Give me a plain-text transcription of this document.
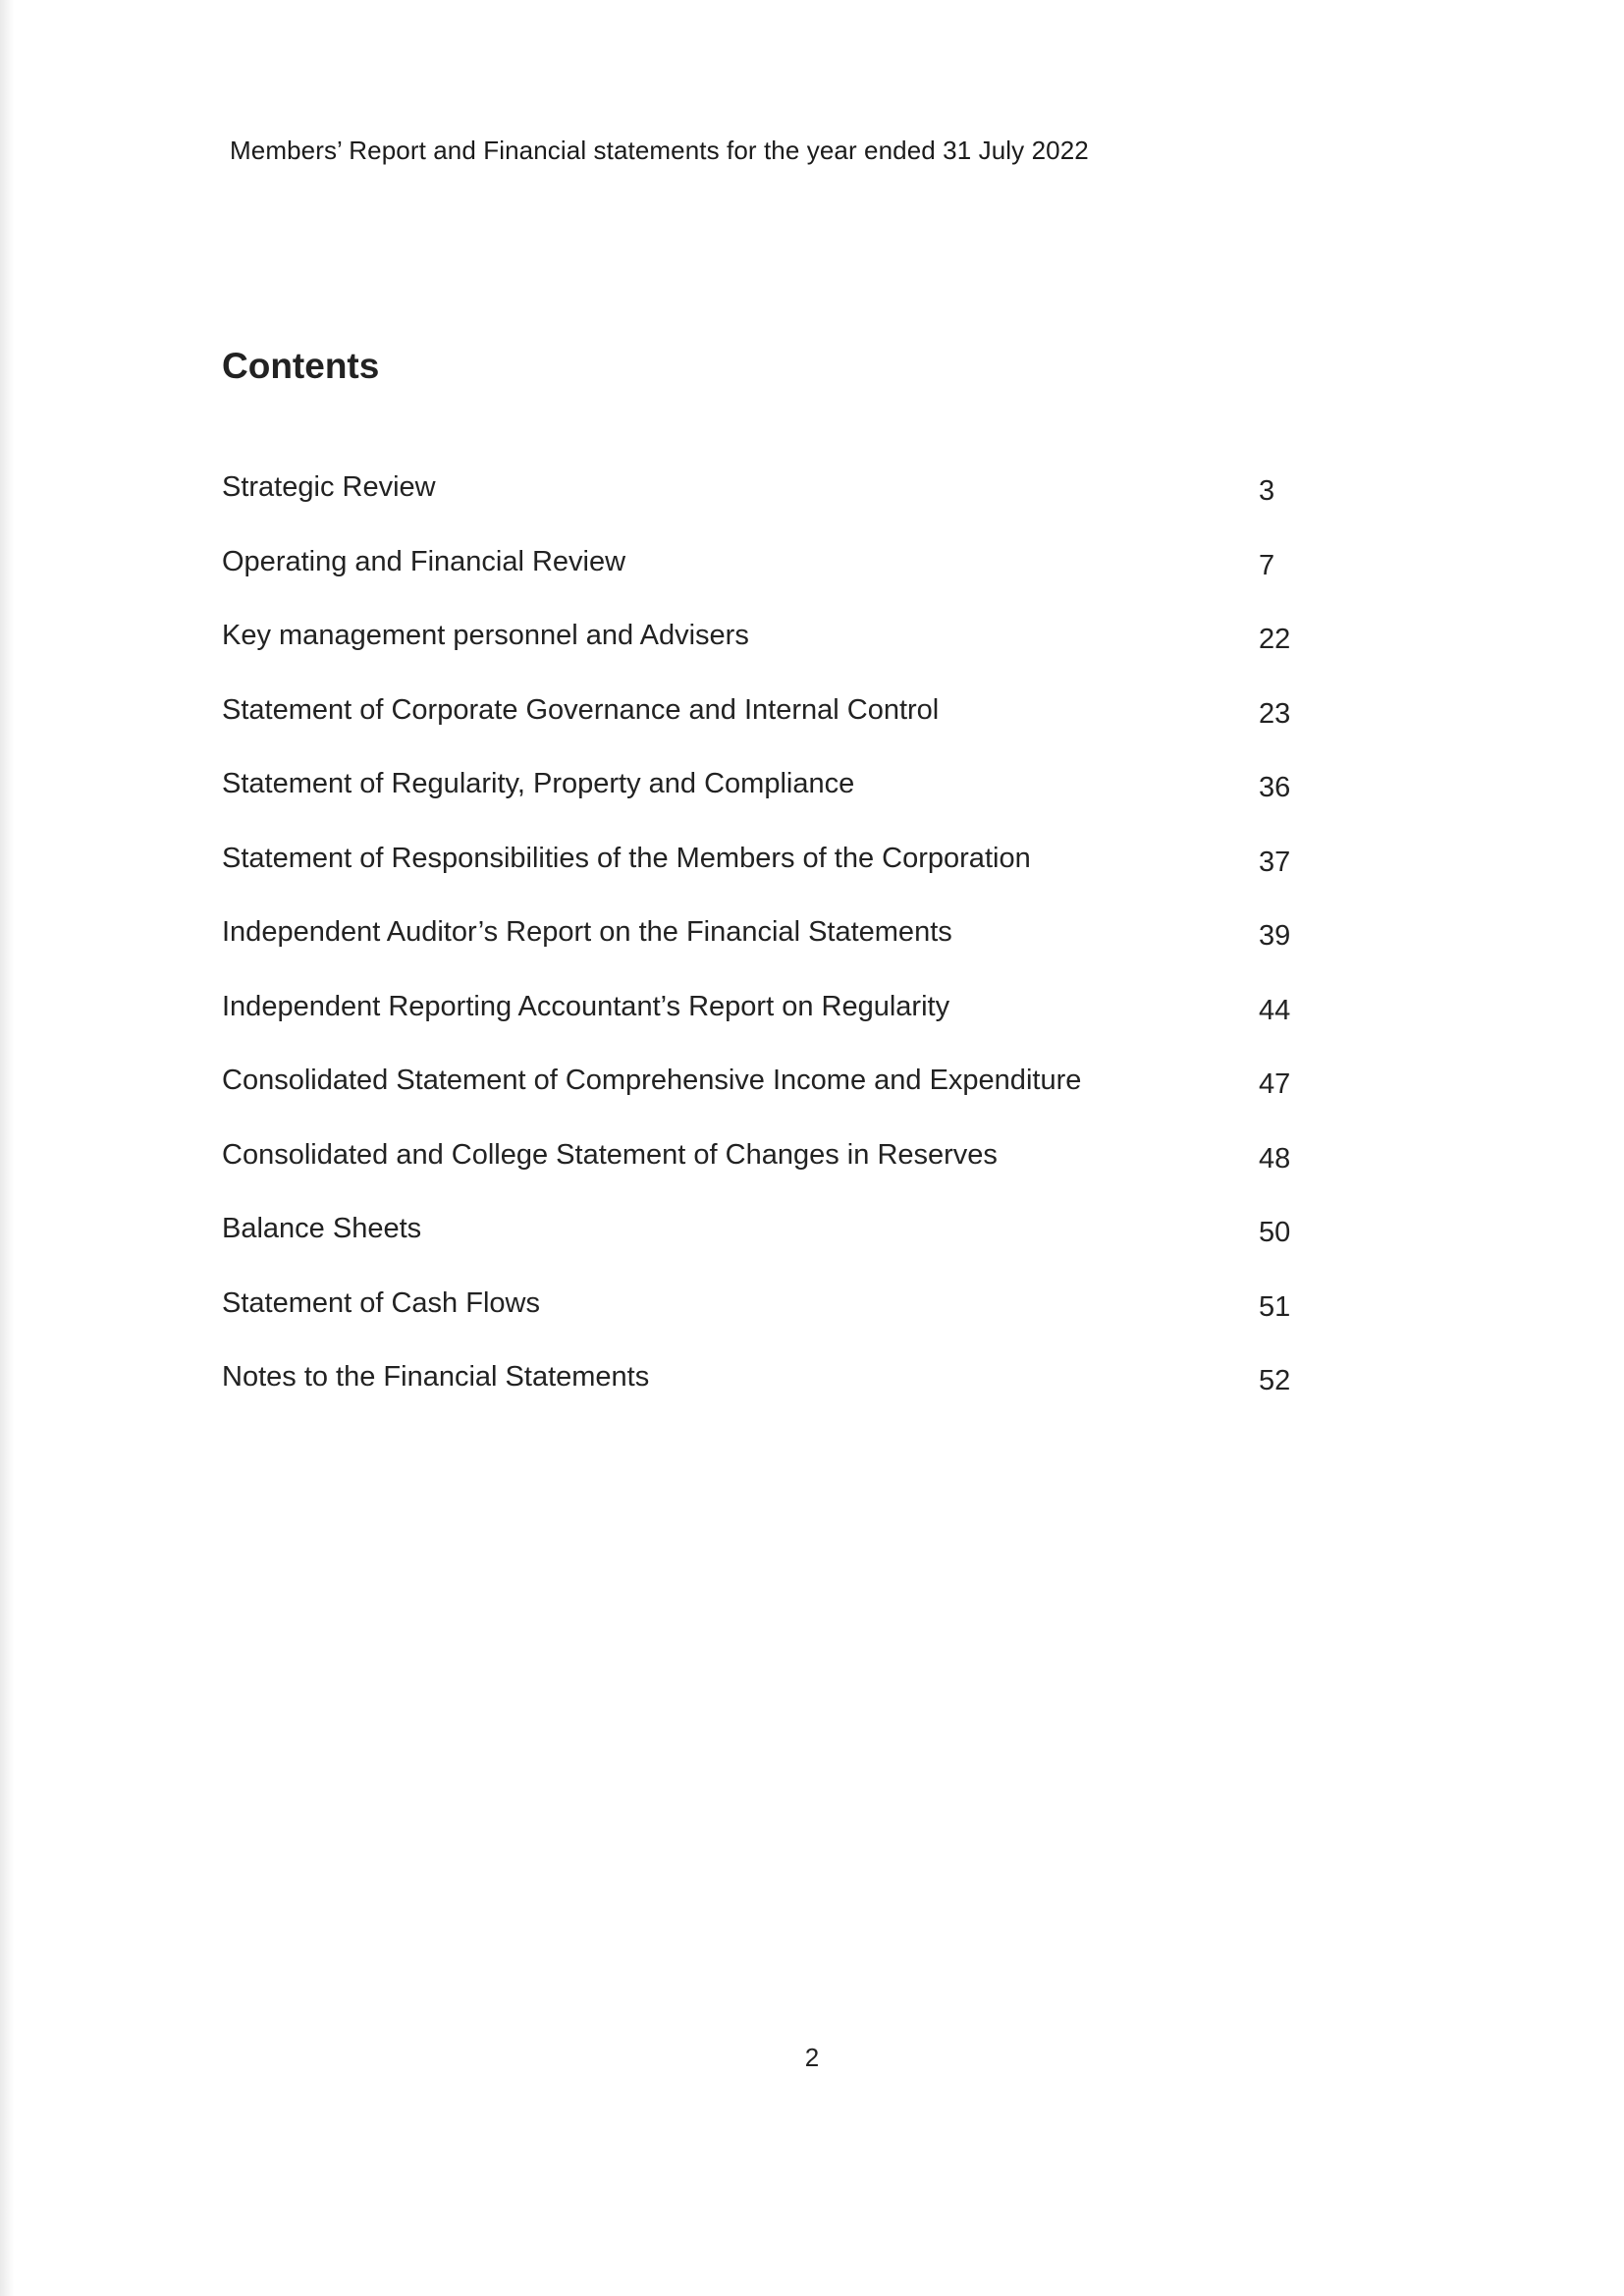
Members’ Report and Financial statements for the year ended 31 July 2022
Contents
Strategic Review	3
Operating and Financial Review	7
Key management personnel and Advisers	22
Statement of Corporate Governance and Internal Control	23
Statement of Regularity, Property and Compliance	36
Statement of Responsibilities of the Members of the Corporation	37
Independent Auditor’s Report on the Financial Statements	39
Independent Reporting Accountant’s Report on Regularity	44
Consolidated Statement of Comprehensive Income and Expenditure	47
Consolidated and College Statement of Changes in Reserves	48
Balance Sheets	50
Statement of Cash Flows	51
Notes to the Financial Statements	52
2
